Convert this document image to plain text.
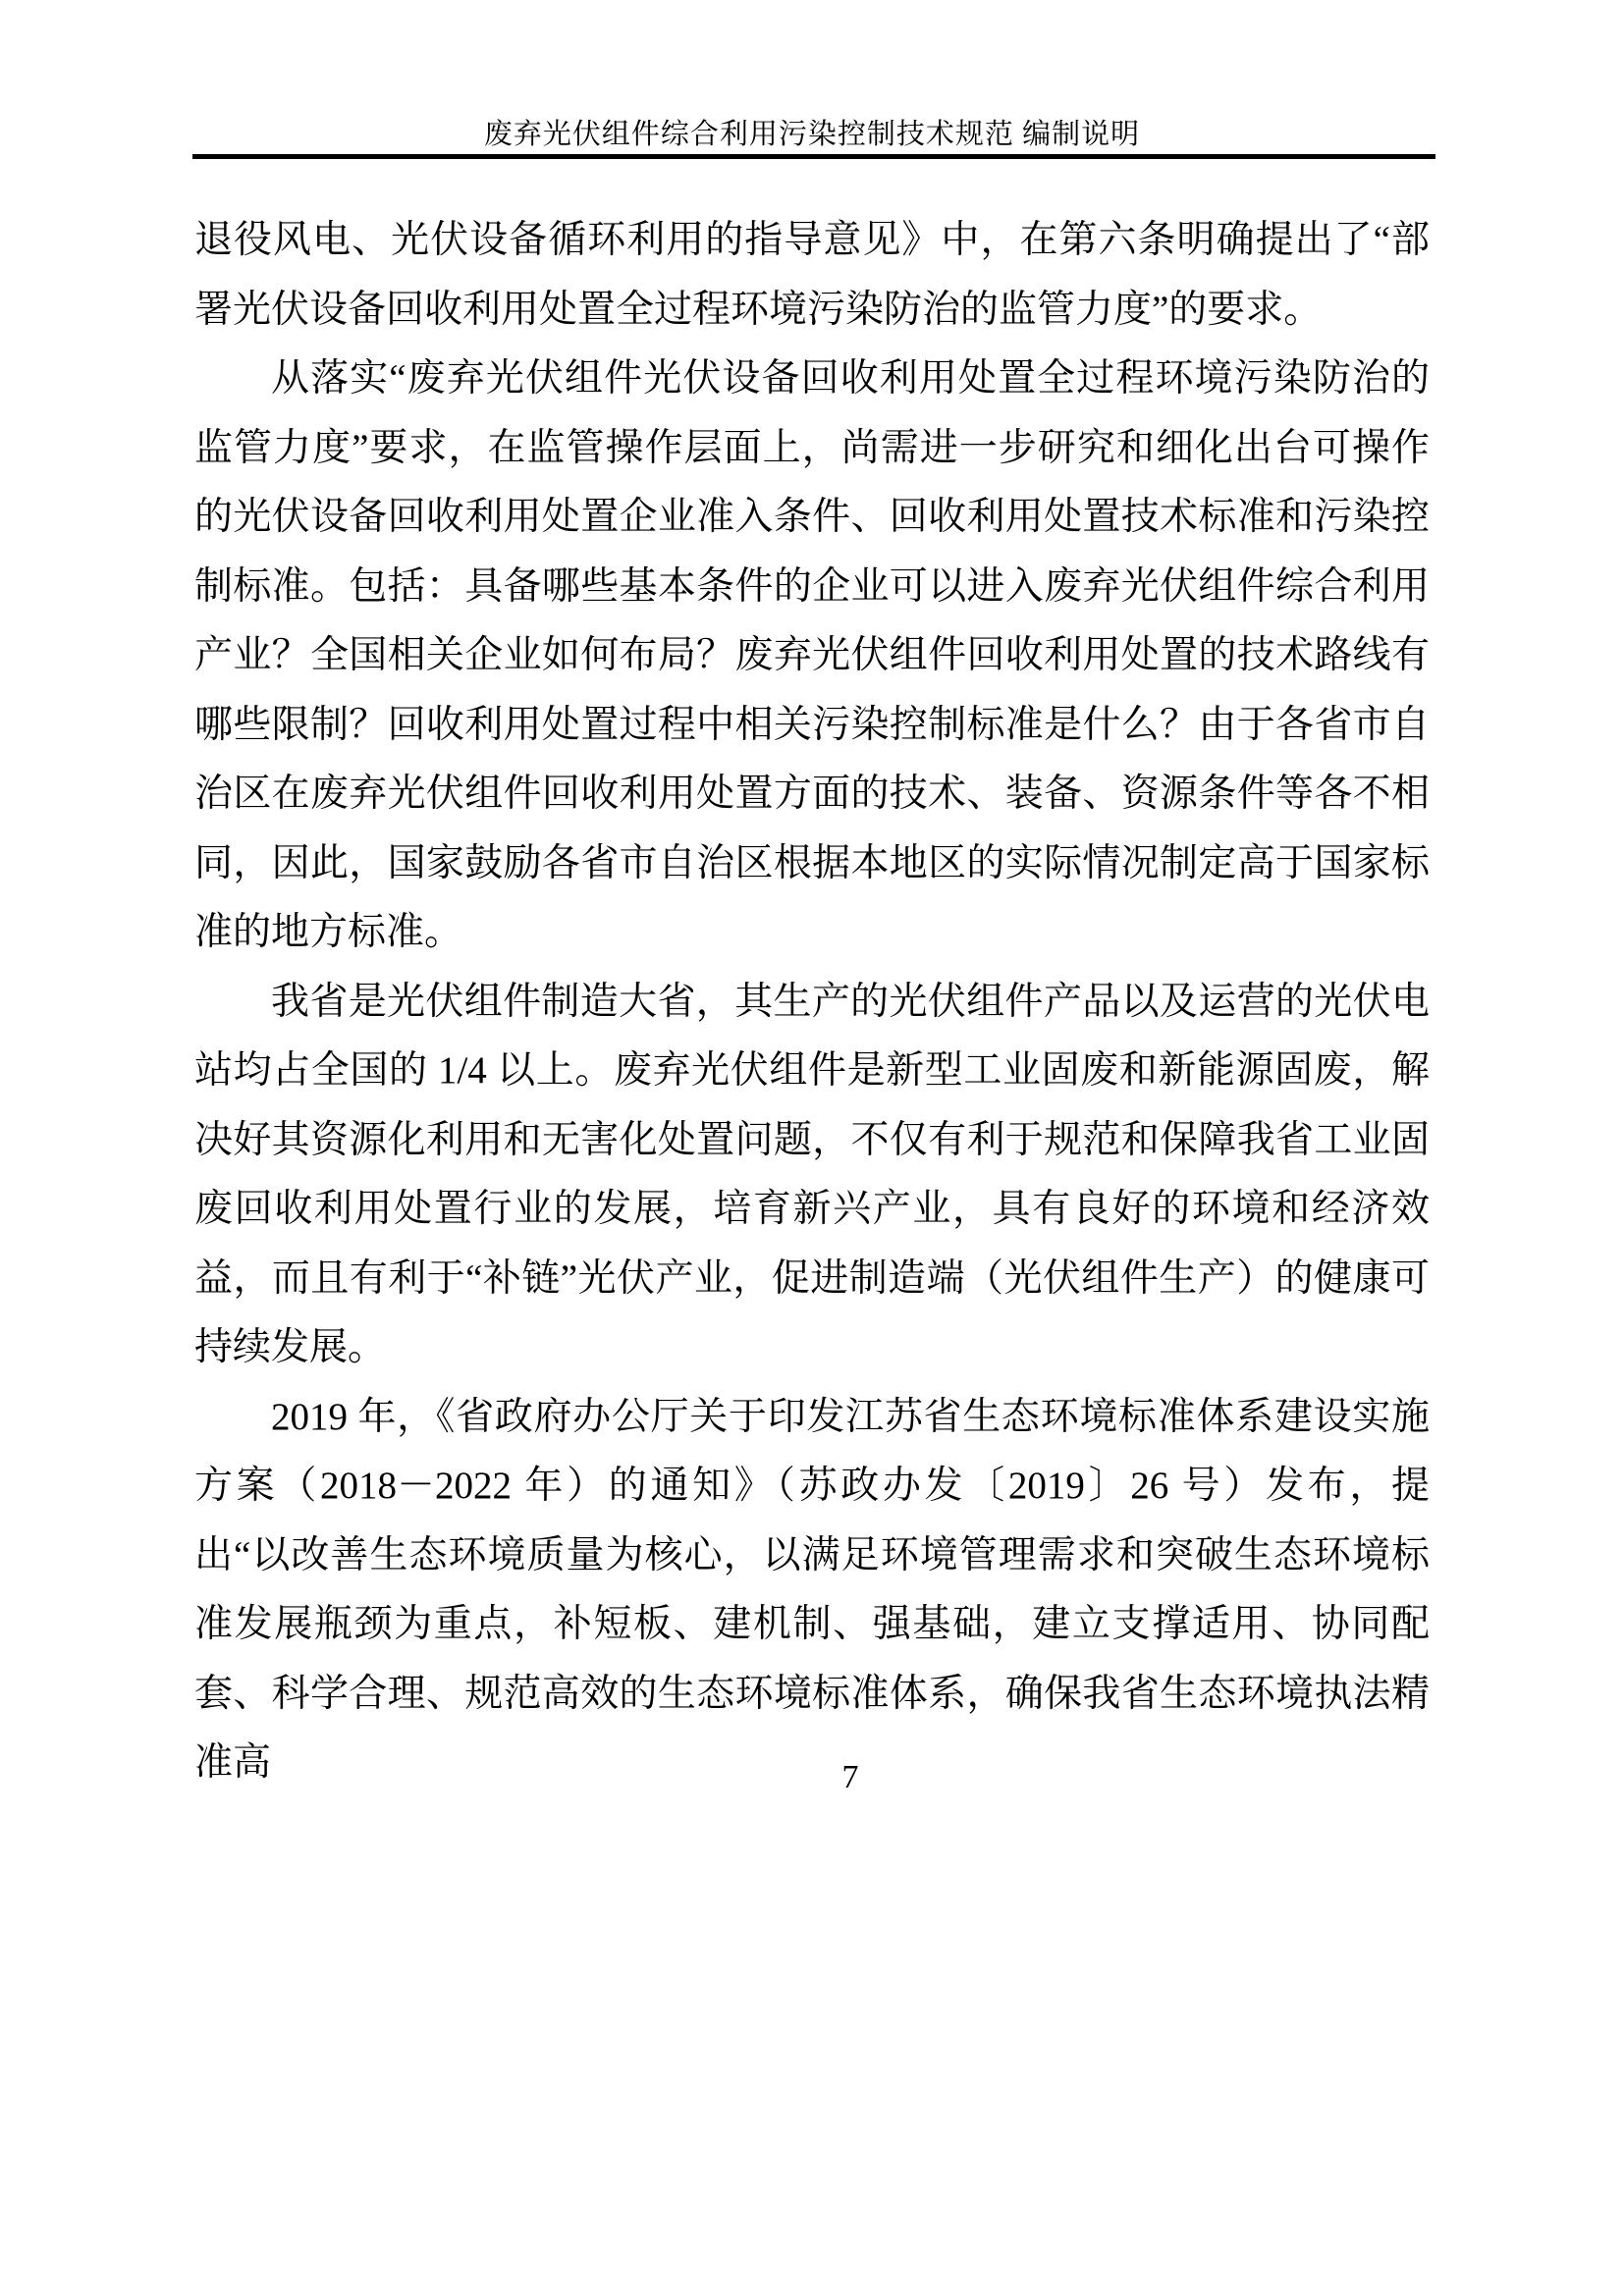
废弃光伏组件综合利用污染控制技术规范 编制说明

退役风电、光伏设备循环利用的指导意见》中，在第六条明确提出了“部署光伏设备回收利用处置全过程环境污染防治的监管力度”的要求。

从落实“废弃光伏组件光伏设备回收利用处置全过程环境污染防治的监管力度”要求，在监管操作层面上，尚需进一步研究和细化出台可操作的光伏设备回收利用处置企业准入条件、回收利用处置技术标准和污染控制标准。包括：具备哪些基本条件的企业可以进入废弃光伏组件综合利用产业？全国相关企业如何布局？废弃光伏组件回收利用处置的技术路线有哪些限制？回收利用处置过程中相关污染控制标准是什么？由于各省市自治区在废弃光伏组件回收利用处置方面的技术、装备、资源条件等各不相同，因此，国家鼓励各省市自治区根据本地区的实际情况制定高于国家标准的地方标准。

我省是光伏组件制造大省，其生产的光伏组件产品以及运营的光伏电站均占全国的 1/4 以上。废弃光伏组件是新型工业固废和新能源固废，解决好其资源化利用和无害化处置问题，不仅有利于规范和保障我省工业固废回收利用处置行业的发展，培育新兴产业，具有良好的环境和经济效益，而且有利于“补链”光伏产业，促进制造端（光伏组件生产）的健康可持续发展。

2019 年，《省政府办公厅关于印发江苏省生态环境标准体系建设实施方案（2018－2022 年）的通知》（苏政办发〔2019〕26 号）发布，提出“以改善生态环境质量为核心，以满足环境管理需求和突破生态环境标准发展瓶颈为重点，补短板、建机制、强基础，建立支撑适用、协同配套、科学合理、规范高效的生态环境标准体系，确保我省生态环境执法精准高	7
